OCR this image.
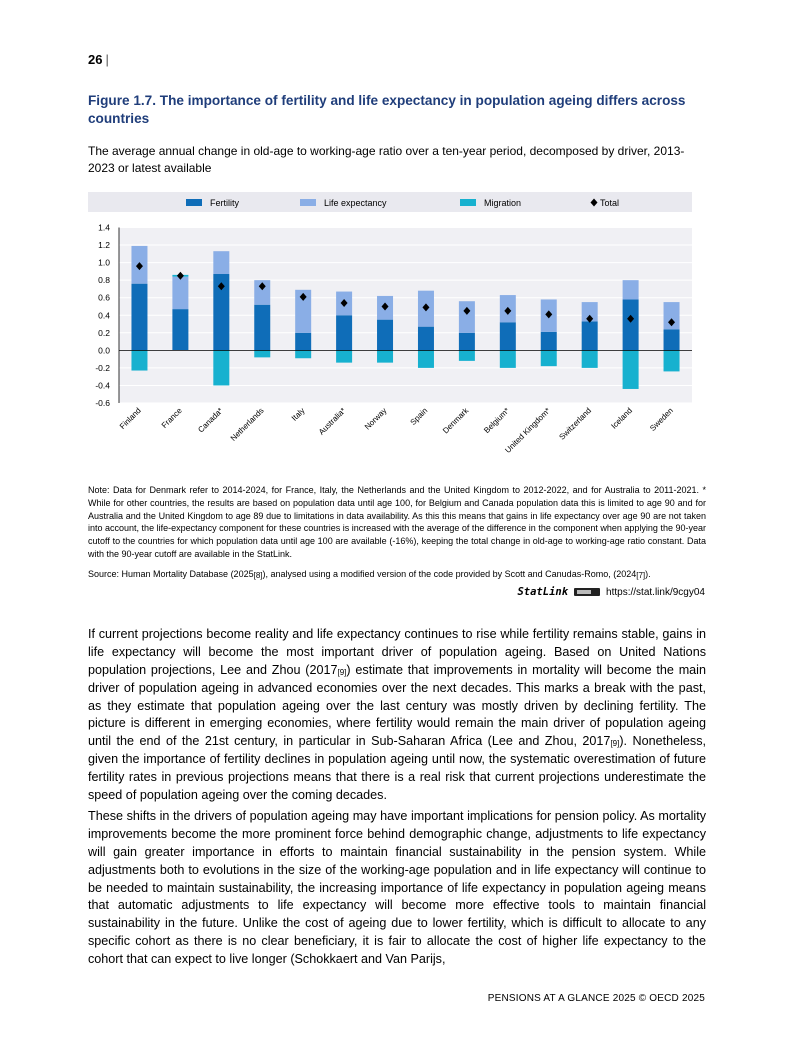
26 |
Figure 1.7. The importance of fertility and life expectancy in population ageing differs across countries
The average annual change in old-age to working-age ratio over a ten-year period, decomposed by driver, 2013-2023 or latest available
Fertility	Life expectancy	Migration	Total
1.4
1.2
1.0
0.8
0.6
0.4
0.2
0.0
-0.2
-0.4
-0.6
Finland France Canada* Netherlands	Italy Australia* Norway	Spain Denmark Belgium*
United Kingdom* Switzerland Iceland Sweden
Note: Data for Denmark refer to 2014-2024, for France, Italy, the Netherlands and the United Kingdom to 2012-2022, and for Australia to 2011-2021. * While for other countries, the results are based on population data until age 100, for Belgium and Canada population data this is limited to age 90 and for Australia and the United Kingdom to age 89 due to limitations in data availability. As this this means that gains in life expectancy over age 90 are not taken into account, the life-expectancy component for these countries is increased with the average of the difference in the component when applying the 90-year cutoff to the countries for which population data until age 100 are available (-16%), keeping the total change in old-age to working-age ratio constant. Data with the 90-year cutoff are available in the StatLink.
Source: Human Mortality Database $(2025_{[8]})$, analysed using a modified version of the code provided by Scott and Canudas-Romo, $(2024_{[7]})$.
StatLink	https://stat.link/9cgy04
If current projections become reality and life expectancy continues to rise while fertility remains stable, gains in life expectancy will become the most important driver of population ageing. Based on United Nations population projections, Lee and Zhou $(2017_{[9]})$ estimate that improvements in mortality will become the main driver of population ageing in advanced economies over the next decades. This marks a break with the past, as they estimate that population ageing over the last century was mostly driven by declining fertility. The picture is different in emerging economies, where fertility would remain the main driver of population ageing until the end of the 21st century, in particular in Sub-Saharan Africa (Lee and Zhou, $2017_{[9]}$). Nonetheless, given the importance of fertility declines in population ageing until now, the systematic overestimation of future fertility rates in previous projections means that there is a real risk that current projections underestimate the speed of population ageing over the coming decades.
These shifts in the drivers of population ageing may have important implications for pension policy. As mortality improvements become the more prominent force behind demographic change, adjustments to life expectancy will gain greater importance in efforts to maintain financial sustainability in the pension system. While adjustments both to evolutions in the size of the working-age population and in life expectancy will continue to be needed to maintain sustainability, the increasing importance of life expectancy in population ageing means that automatic adjustments to life expectancy will become more effective tools to maintain financial sustainability in the future. Unlike the cost of ageing due to lower fertility, which is difficult to allocate to any specific cohort as there is no clear beneficiary, it is fair to allocate the cost of higher life expectancy to the cohort that can expect to live longer (Schokkaert and Van Parijs,
PENSIONS AT A GLANCE 2025 © OECD 2025
